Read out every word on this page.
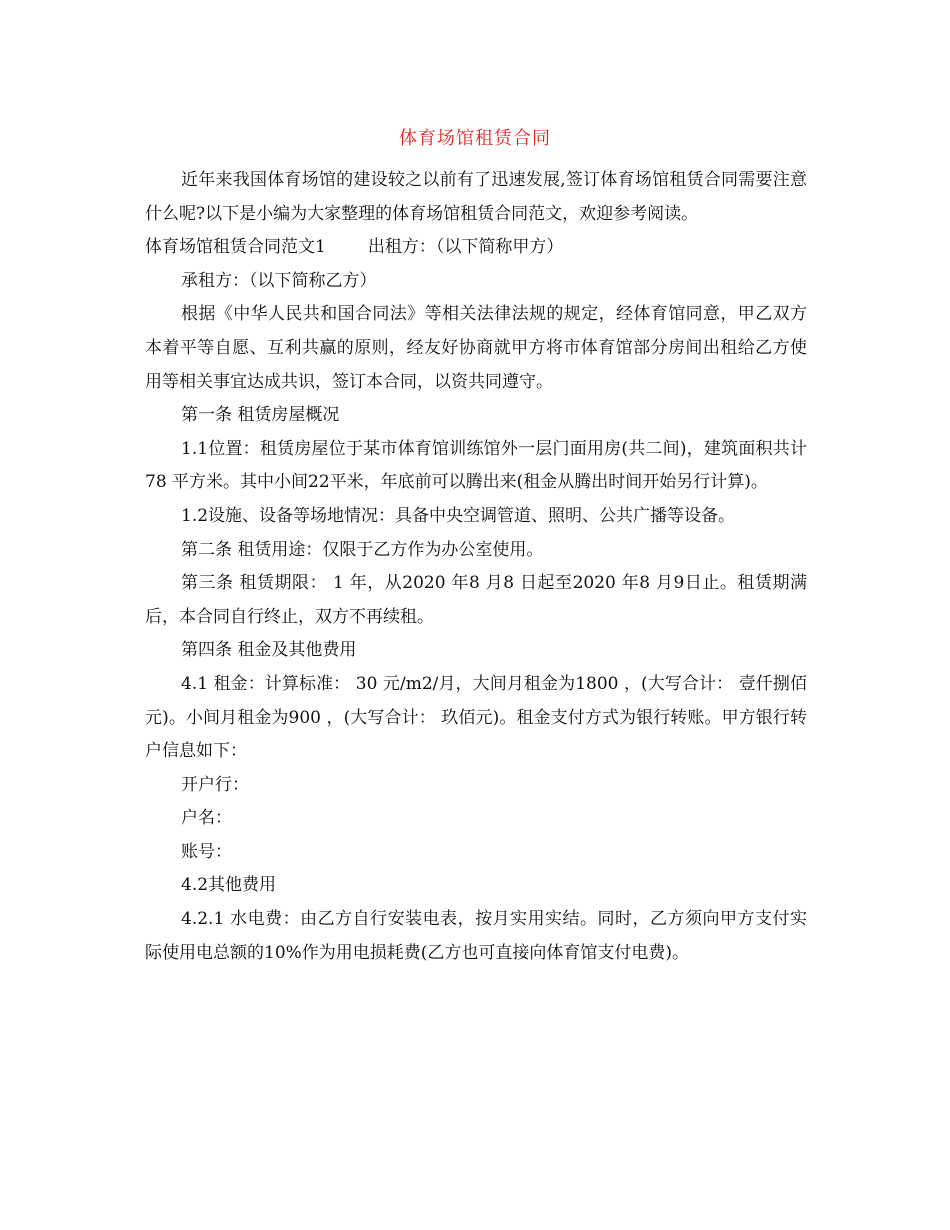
体育场馆租赁合同

近年来我国体育场馆的建设较之以前有了迅速发展,签订体育场馆租赁合同需要注意什么呢?以下是小编为大家整理的体育场馆租赁合同范文，欢迎参考阅读。

体育场馆租赁合同范文1 出租方：（以下简称甲方）

承租方：（以下简称乙方）

根据《中华人民共和国合同法》等相关法律法规的规定，经体育馆同意，甲乙双方本着平等自愿、互利共赢的原则，经友好协商就甲方将市体育馆部分房间出租给乙方使用等相关事宜达成共识，签订本合同，以资共同遵守。

第一条 租赁房屋概况

1.1位置：租赁房屋位于某市体育馆训练馆外一层门面用房(共二间)，建筑面积共计78 平方米。其中小间22平米，年底前可以腾出来(租金从腾出时间开始另行计算)。

1.2设施、设备等场地情况：具备中央空调管道、照明、公共广播等设备。

第二条 租赁用途：仅限于乙方作为办公室使用。

第三条 租赁期限： 1 年，从2020 年8 月8 日起至2020 年8 月9日止。租赁期满后，本合同自行终止，双方不再续租。

第四条 租金及其他费用

4.1 租金：计算标准： 30 元/m2/月，大间月租金为1800 ，(大写合计： 壹仟捌佰元)。小间月租金为900 ，(大写合计： 玖佰元)。租金支付方式为银行转账。甲方银行转户信息如下：

开户行：

户名：

账号：

4.2其他费用

4.2.1 水电费：由乙方自行安装电表，按月实用实结。同时，乙方须向甲方支付实际使用电总额的10%作为用电损耗费(乙方也可直接向体育馆支付电费)。
